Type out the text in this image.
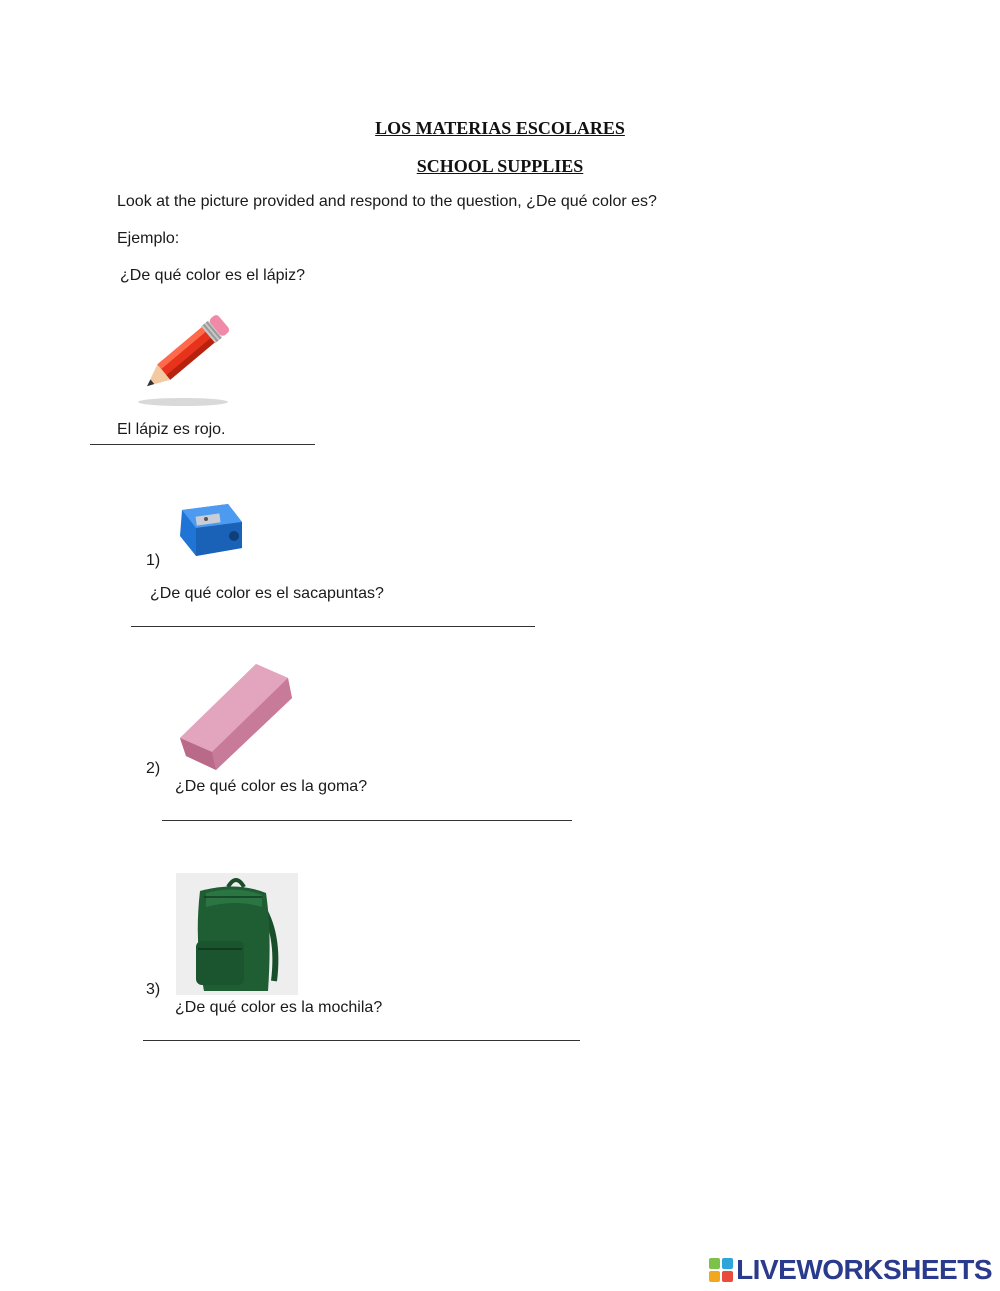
LOS MATERIAS ESCOLARES
SCHOOL SUPPLIES
Look at the picture provided and respond to the question, ¿De qué color es?
Ejemplo:
¿De qué color es el lápiz?
El lápiz es rojo.
1)
¿De qué color es el sacapuntas?
2)
¿De qué color es la goma?
3)
¿De qué color es la mochila?
LIVEWORKSHEETS
